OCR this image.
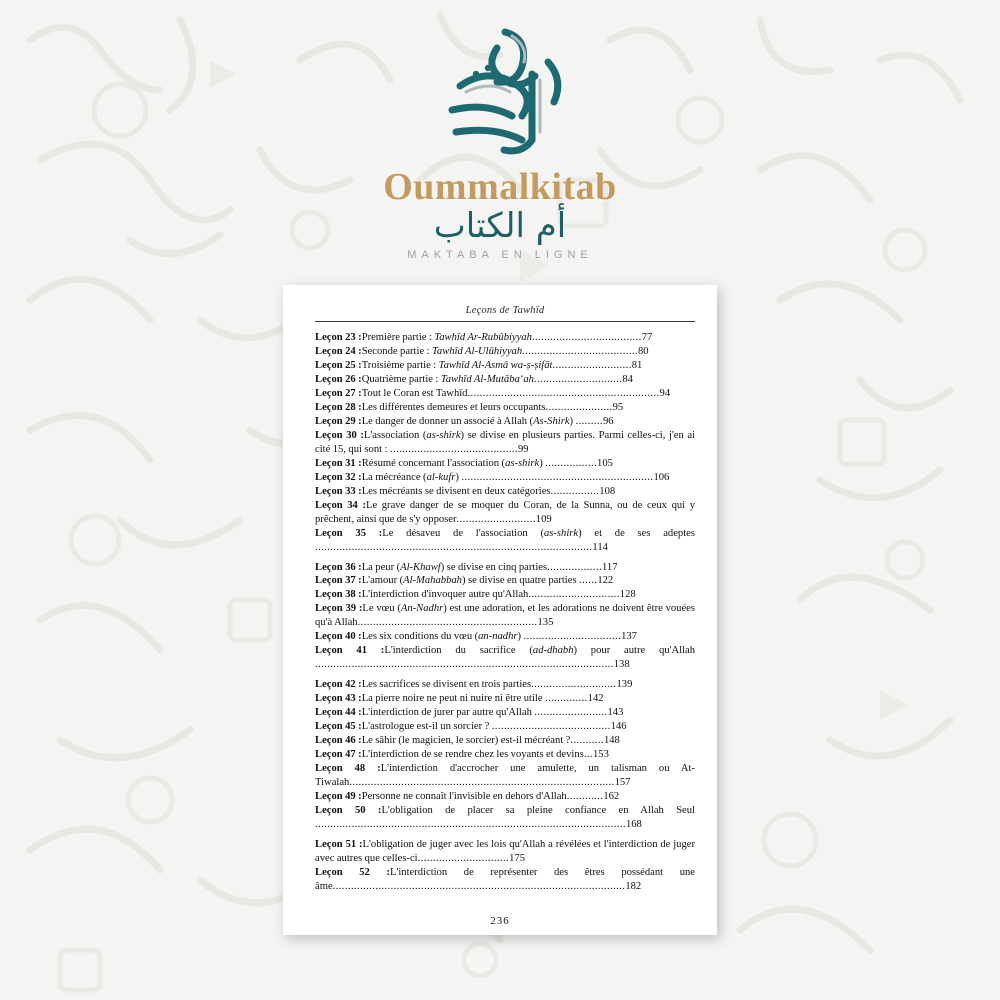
Oummalkitab
أم الكتاب
MAKTABA EN LIGNE
Leçons de Tawhīd
Leçon 23 :Première partie : Tawhīd Ar-Rubūbiyyah....................................77
Leçon 24 :Seconde partie : Tawhīd Al-Ulūhiyyah......................................80
Leçon 25 :Troisième partie : Tawhīd Al-Asmā wa-ṣ-ṣifāt..........................81
Leçon 26 :Quatrième partie : Tawhīd Al-Mutāba‘ah.............................84
Leçon 27 :Tout le Coran est Tawhīd...............................................................94
Leçon 28 :Les différentes demeures et leurs occupants......................95
Leçon 29 :Le danger de donner un associé à Allah (As-Shirk) .........96
Leçon 30 :L'association (as-shirk) se divise en plusieurs parties. Parmi celles-ci, j'en ai cité 15, qui sont : ..........................................99
Leçon 31 :Résumé concernant l'association (as-shirk) .................105
Leçon 32 :La mécréance (al-kufr) ...............................................................106
Leçon 33 :Les mécréants se divisent en deux catégories................108
Leçon 34 :Le grave danger de se moquer du Coran, de la Sunna, ou de ceux qui y prêchent, ainsi que de s'y opposer..........................109
Leçon 35 :Le désaveu de l'association (as-shirk) et de ses adeptes ...........................................................................................114
Leçon 36 :La peur (Al-Khawf) se divise en cinq parties..................117
Leçon 37 :L'amour (Al-Mahabbah) se divise en quatre parties ......122
Leçon 38 :L'interdiction d'invoquer autre qu'Allah..............................128
Leçon 39 :Le vœu (An-Nadhr) est une adoration, et les adorations ne doivent être vouées qu'à Allah...........................................................135
Leçon 40 :Les six conditions du vœu (an-nadhr) ................................137
Leçon 41 :L'interdiction du sacrifice (ad-dhabh) pour autre qu'Allah ..................................................................................................138
Leçon 42 :Les sacrifices se divisent en trois parties............................139
Leçon 43 :La pierre noire ne peut ni nuire ni être utile ..............142
Leçon 44 :L'interdiction de jurer par autre qu'Allah ........................143
Leçon 45 :L'astrologue est-il un sorcier ? .......................................146
Leçon 46 :Le sāhir (le magicien, le sorcier) est-il mécréant ?...........148
Leçon 47 :L'interdiction de se rendre chez les voyants et devins...153
Leçon 48 :L'interdiction d'accrocher une amulette, un talisman ou At-Tiwalah.......................................................................................157
Leçon 49 :Personne ne connaît l'invisible en dehors d'Allah............162
Leçon 50 :L'obligation de placer sa pleine confiance en Allah Seul ......................................................................................................168
Leçon 51 :L'obligation de juger avec les lois qu'Allah a révélées et l'interdiction de juger avec autres que celles-ci..............................175
Leçon 52 :L'interdiction de représenter des êtres possédant une âme................................................................................................182
236
